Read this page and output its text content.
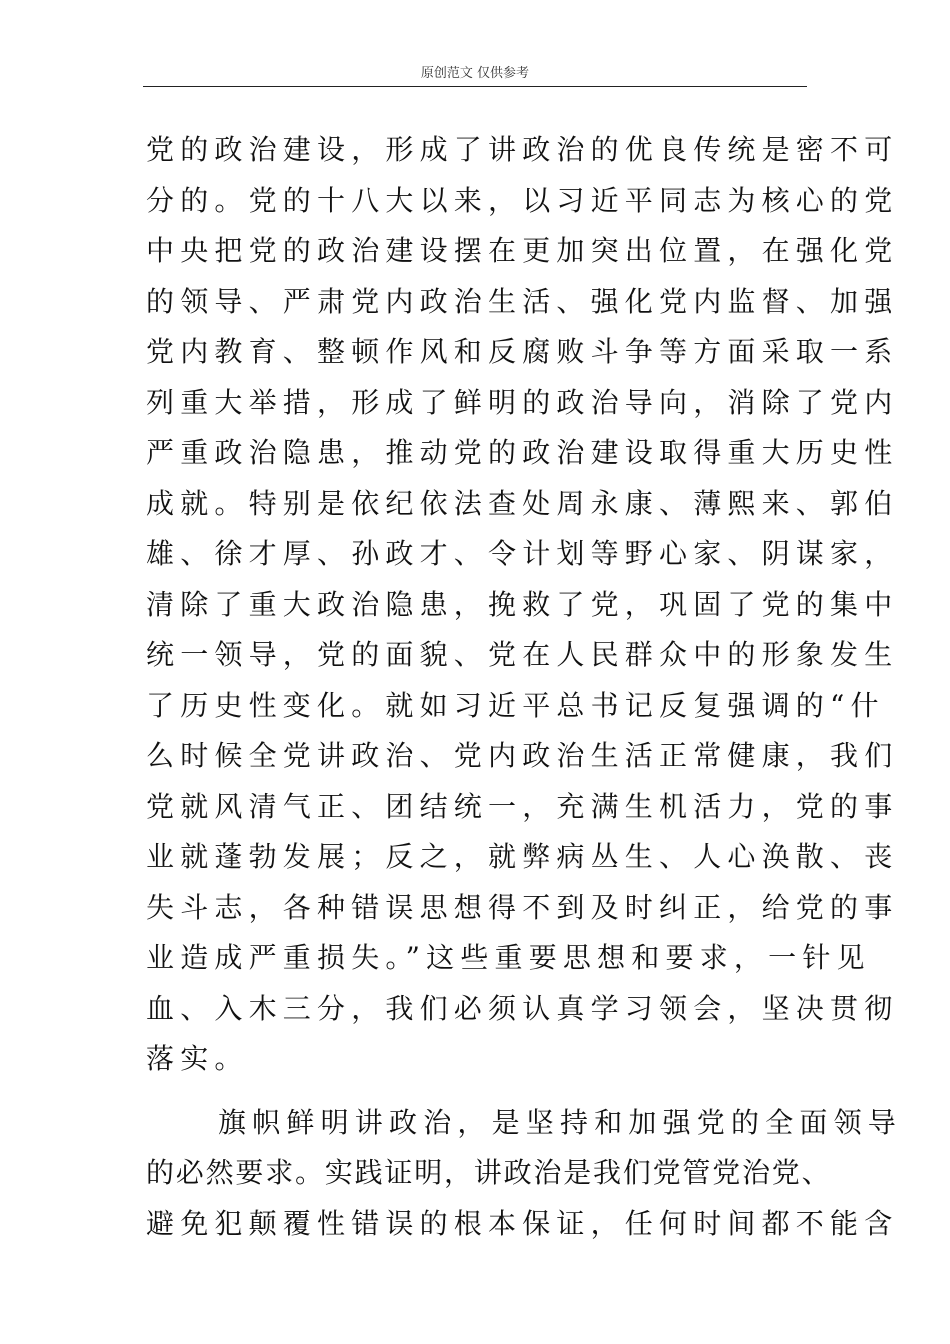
原创范文 仅供参考
党的政治建设，形成了讲政治的优良传统是密不可
分的。党的十八大以来，以习近平同志为核心的党
中央把党的政治建设摆在更加突出位置，在强化党
的领导、严肃党内政治生活、强化党内监督、加强
党内教育、整顿作风和反腐败斗争等方面采取一系
列重大举措，形成了鲜明的政治导向，消除了党内
严重政治隐患，推动党的政治建设取得重大历史性
成就。特别是依纪依法查处周永康、薄熙来、郭伯
雄、徐才厚、孙政才、令计划等野心家、阴谋家，
清除了重大政治隐患，挽救了党，巩固了党的集中
统一领导，党的面貌、党在人民群众中的形象发生
了历史性变化。就如习近平总书记反复强调的“什
么时候全党讲政治、党内政治生活正常健康，我们
党就风清气正、团结统一，充满生机活力，党的事
业就蓬勃发展；反之，就弊病丛生、人心涣散、丧
失斗志，各种错误思想得不到及时纠正，给党的事
业造成严重损失。”这些重要思想和要求，一针见
血、入木三分，我们必须认真学习领会，坚决贯彻
落实。
旗帜鲜明讲政治，是坚持和加强党的全面领导
的必然要求。实践证明，讲政治是我们党管党治党、
避免犯颠覆性错误的根本保证，任何时间都不能含
